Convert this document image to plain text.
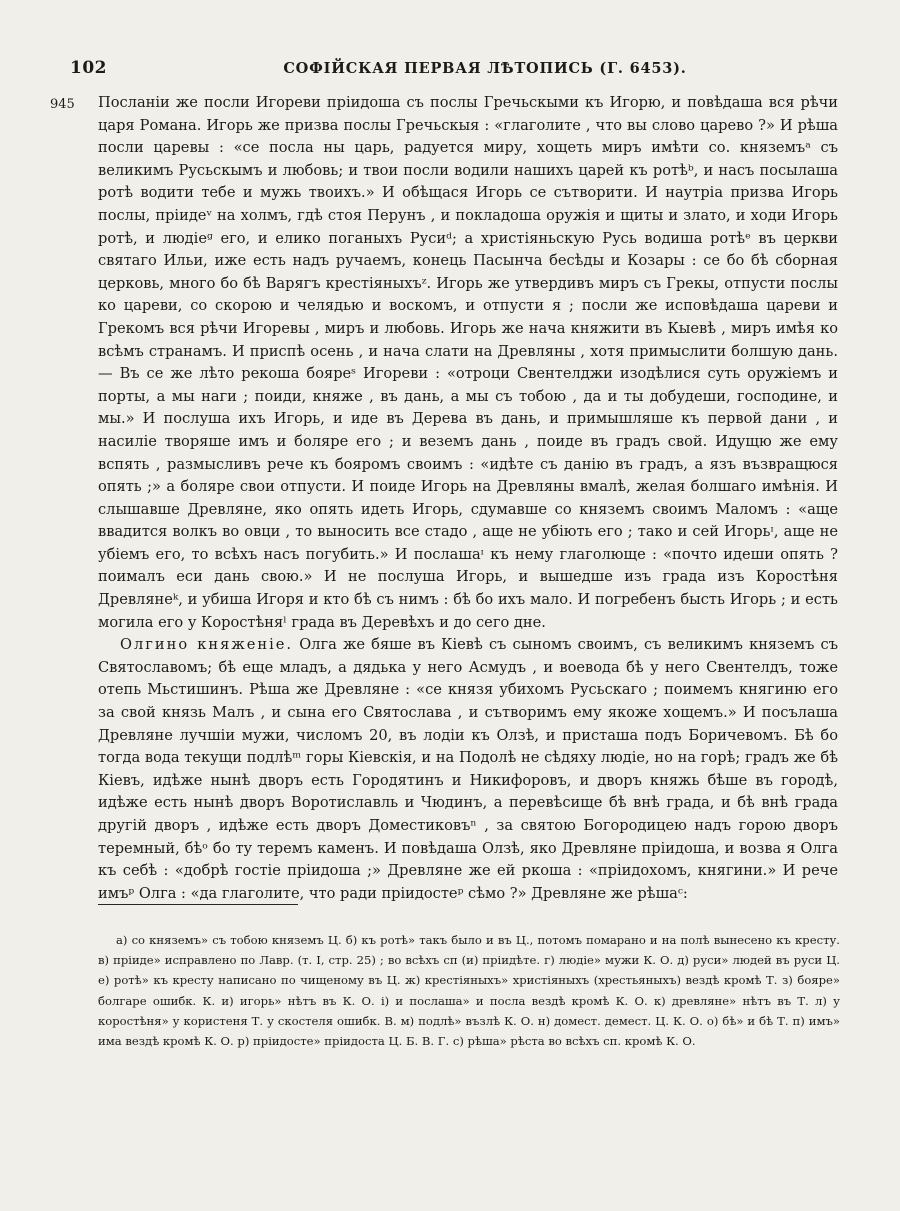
102	СОФІЙСКАЯ ПЕРВАЯ ЛѢТОПИСЬ (Г. 6453).
945 Посланіи же посли Игореви пріидоша съ послы Гречьскыми къ Игорю, и повѣдаша вся рѣчи царя Романа. Игорь же призва послы Гречьскыя : «глаголите , что вы слово царево ?» И рѣша посли царевы : «се посла ны царь, радуется миру, хощеть миръ имѣти со. княземъᵃ съ великимъ Русьскымъ и любовь; и твои посли водили нашихъ царей къ ротѣᵇ, и насъ посылаша ротѣ водити тебе и мужь твоихъ.» И обѣщася Игорь се сътворити. И наутріа призва Игорь послы, пріидеᵛ на холмъ, гдѣ стоя Перунъ , и покладоша оружія и щиты и злато, и ходи Игорь ротѣ, и людіеᵍ его, и елико поганыхъ Русиᵈ; а христіяньскую Русь водиша ротѣᵉ въ церкви святаго Ильи, иже есть надъ ручаемъ, конець Пасынча бесѣды и Козары : се бо бѣ сборная церковь, много бо бѣ Варягъ крестіяныхъᶻ. Игорь же утвердивъ миръ съ Грекы, отпусти послы ко цареви, со скорою и челядью и воскомъ, и отпусти я ; посли же исповѣдаша цареви и Грекомъ вся рѣчи Игоревы , миръ и любовь. Игорь же нача княжити въ Кыевѣ , миръ имѣя ко всѣмъ странамъ. И приспѣ осень , и нача слати на Древляны , хотя примыслити болшую дань. — Въ се же лѣто рекоша бояреˢ Игореви : «отроци Свентелджи изодѣлися суть оружіемъ и порты, а мы наги ; поиди, княже , въ дань, а мы съ тобою , да и ты добудеши, господине, и мы.» И послуша ихъ Игорь, и иде въ Дерева въ дань, и примышляше къ первой дани , и насиліе творяше имъ и боляре его ; и веземъ дань , поиде въ градъ свой. Идущю же ему вспять , размысливъ рече къ бояромъ своимъ : «идѣте съ данію въ градъ, а язъ възвращюся опять ;» а боляре свои отпусти. И поиде Игорь на Древляны вмалѣ, желая болшаго имѣнія. И слышавше Древляне, яко опять идеть Игорь, сдумавше со княземъ своимъ Маломъ : «аще ввадится волкъ во овци , то выносить все стадо , аще не убіють его ; тако и сей Игорьᶦ, аще не убіемъ его, то всѣхъ насъ погубить.» И послашаᶦ къ нему глаголюще : «почто идеши опять ? поималъ еси дань свою.» И не послуша Игорь, и вышедше изъ града изъ Коростѣня Древлянеᵏ, и убиша Игоря и кто бѣ съ нимъ : бѣ бо ихъ мало. И погребенъ бысть Игорь ; и есть могила его у Коростѣняˡ града въ Деревѣхъ и до сего дне.

Олгино княженіе. Олга же бяше въ Кіевѣ съ сыномъ своимъ, съ великимъ княземъ съ Святославомъ; бѣ еще младъ, а дядька у него Асмудъ , и воевода бѣ у него Свентелдъ, тоже отепь Мьстишинъ. Рѣша же Древляне : «се князя убихомъ Русьскаго ; поимемъ княгиню его за свой князь Малъ , и сына его Святослава , и сътворимъ ему якоже хощемъ.» И посълаша Древляне лучшіи мужи, числомъ 20, въ лодіи къ Олзѣ, и присташа подъ Боричевомъ. Бѣ бо тогда вода текущи подлѣᵐ горы Кіевскія, и на Подолѣ не сѣдяху людіе, но на горѣ; градъ же бѣ Кіевъ, идѣже нынѣ дворъ есть Городятинъ и Никифоровъ, и дворъ княжь бѣше въ городѣ, идѣже есть нынѣ дворъ Воротиславль и Чюдинъ, а перевѣсище бѣ внѣ града, и бѣ внѣ града другій дворъ , идѣже есть дворъ Доместиковъⁿ , за святою Богородицею надъ горою дворъ теремный, бѣᵒ бо ту теремъ каменъ. И повѣдаша Олзѣ, яко Древляне пріидоша, и возва я Олга къ себѣ : «добрѣ гостіе пріидоша ;» Древляне же ей ркоша : «пріидохомъ, княгини.» И рече имъᵖ Олга : «да глаголите, что ради пріидостеᵖ сѣмо ?» Древляне же рѣшаᶜ:

а) со княземъ» съ тобою княземъ Ц. б) къ ротѣ» такъ было и въ Ц., потомъ помарано и на полѣ вынесено къ кресту. в) пріиде» исправлено по Лавр. (т. I, стр. 25) ; во всѣхъ сп (и) пріидѣте. г) людіе» мужи К. О. д) руси» людей въ руси Ц. е) ротѣ» къ кресту написано по чищеному въ Ц. ж) крестіяныхъ» христіяныхъ (хрестьяныхъ) вездѣ кромѣ Т. з) бояре» болгаре ошибк. К. и) игорь» нѣтъ въ К. О. і) и послаша» и посла вездѣ кромѣ К. О. к) древляне» нѣтъ въ Т. л) у коростѣня» у користеня Т. у скостеля ошибк. В. м) подлѣ» възлѣ К. О. н) домест. демест. Ц. К. О. о) бѣ» и бѣ Т. п) имъ» има вездѣ кромѣ К. О. р) пріидосте» пріидоста Ц. Б. В. Г. с) рѣша» рѣста во всѣхъ сп. кромѣ К. О.
